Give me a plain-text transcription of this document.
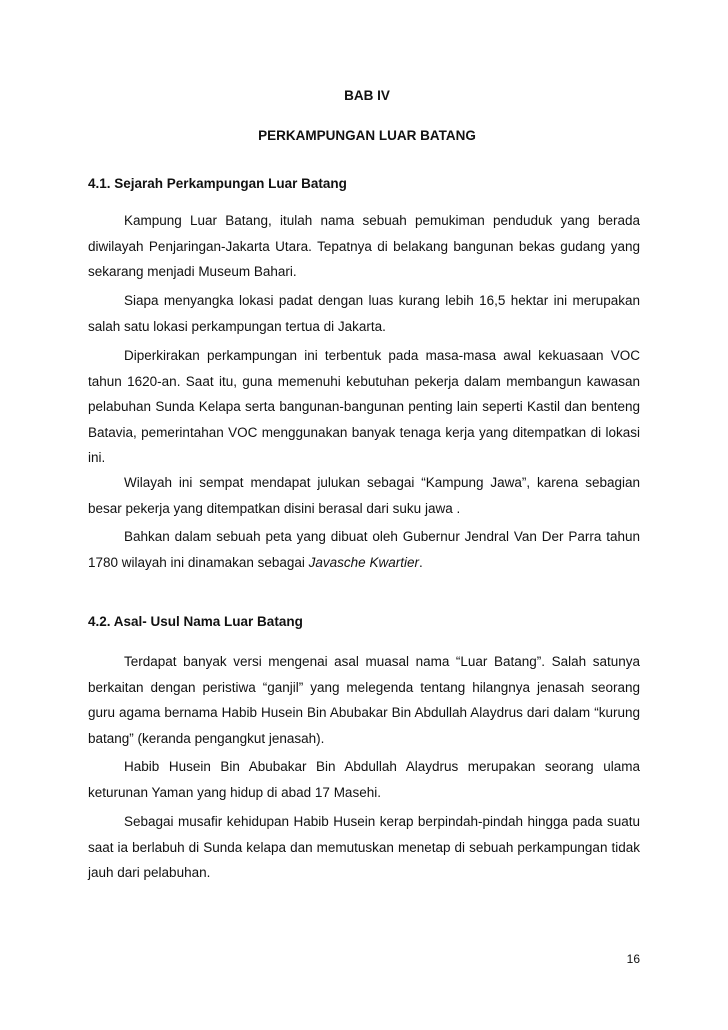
BAB IV
PERKAMPUNGAN LUAR BATANG
4.1. Sejarah Perkampungan Luar Batang

Kampung Luar Batang, itulah nama sebuah pemukiman penduduk yang berada diwilayah Penjaringan-Jakarta Utara. Tepatnya di belakang bangunan bekas gudang yang sekarang menjadi Museum Bahari.

Siapa menyangka lokasi padat dengan luas kurang lebih 16,5 hektar ini merupakan salah satu lokasi perkampungan tertua di Jakarta.

Diperkirakan perkampungan ini terbentuk pada masa-masa awal kekuasaan VOC tahun 1620-an. Saat itu, guna memenuhi kebutuhan pekerja dalam membangun kawasan pelabuhan Sunda Kelapa serta bangunan-bangunan penting lain seperti Kastil dan benteng Batavia, pemerintahan VOC menggunakan banyak tenaga kerja yang ditempatkan di lokasi ini.

Wilayah ini sempat mendapat julukan sebagai “Kampung Jawa”, karena sebagian besar pekerja yang ditempatkan disini berasal dari suku jawa .

Bahkan dalam sebuah peta yang dibuat oleh Gubernur Jendral Van Der Parra tahun 1780 wilayah ini dinamakan sebagai Javasche Kwartier.

4.2. Asal- Usul Nama Luar Batang

Terdapat banyak versi mengenai asal muasal nama “Luar Batang”. Salah satunya berkaitan dengan peristiwa “ganjil” yang melegenda tentang hilangnya jenasah seorang guru agama bernama Habib Husein Bin Abubakar Bin Abdullah Alaydrus dari dalam “kurung batang” (keranda pengangkut jenasah).

Habib Husein Bin Abubakar Bin Abdullah Alaydrus merupakan seorang ulama keturunan Yaman yang hidup di abad 17 Masehi.

Sebagai musafir kehidupan Habib Husein kerap berpindah-pindah hingga pada suatu saat ia berlabuh di Sunda kelapa dan memutuskan menetap di sebuah perkampungan tidak jauh dari pelabuhan.

16
